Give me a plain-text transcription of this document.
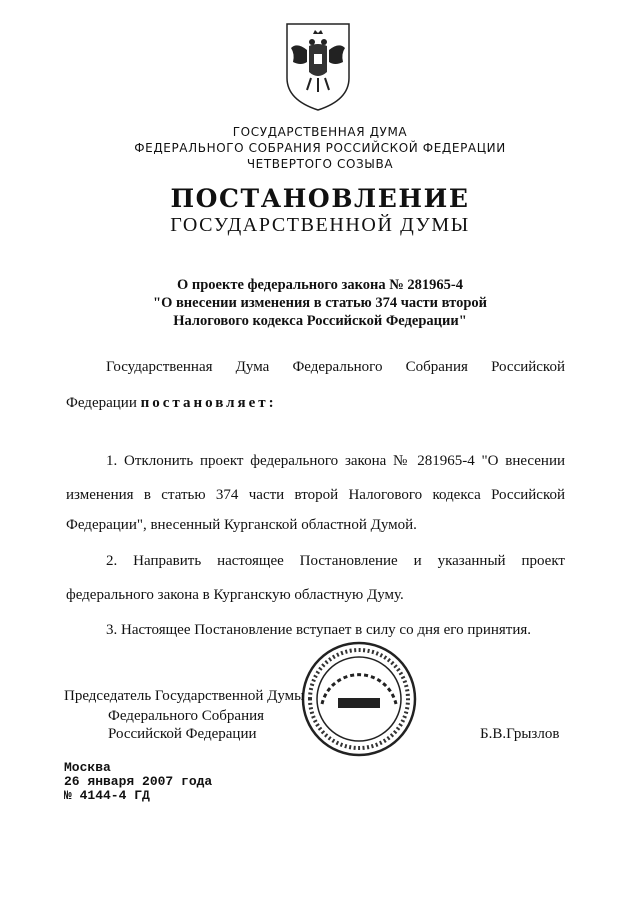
ГОСУДАРСТВЕННАЯ ДУМА
ФЕДЕРАЛЬНОГО СОБРАНИЯ РОССИЙСКОЙ ФЕДЕРАЦИИ
ЧЕТВЕРТОГО СОЗЫВА
ПОСТАНОВЛЕНИЕ
ГОСУДАРСТВЕННОЙ ДУМЫ
О проекте федерального закона № 281965-4
"О внесении изменения в статью 374 части второй
Налогового кодекса Российской Федерации"
Государственная Дума Федерального Собрания Российской
Федерации постановляет:
1. Отклонить проект федерального закона № 281965-4 "О внесении
изменения в статью 374 части второй Налогового кодекса Российской
Федерации", внесенный Курганской областной Думой.
2. Направить настоящее Постановление и указанный проект
федерального закона в Курганскую областную Думу.
3. Настоящее Постановление вступает в силу со дня его принятия.
Председатель Государственной Думы
Федерального Собрания
Российской Федерации	Б.В.Грызлов
Москва
26 января 2007 года
№ 4144-4 ГД
